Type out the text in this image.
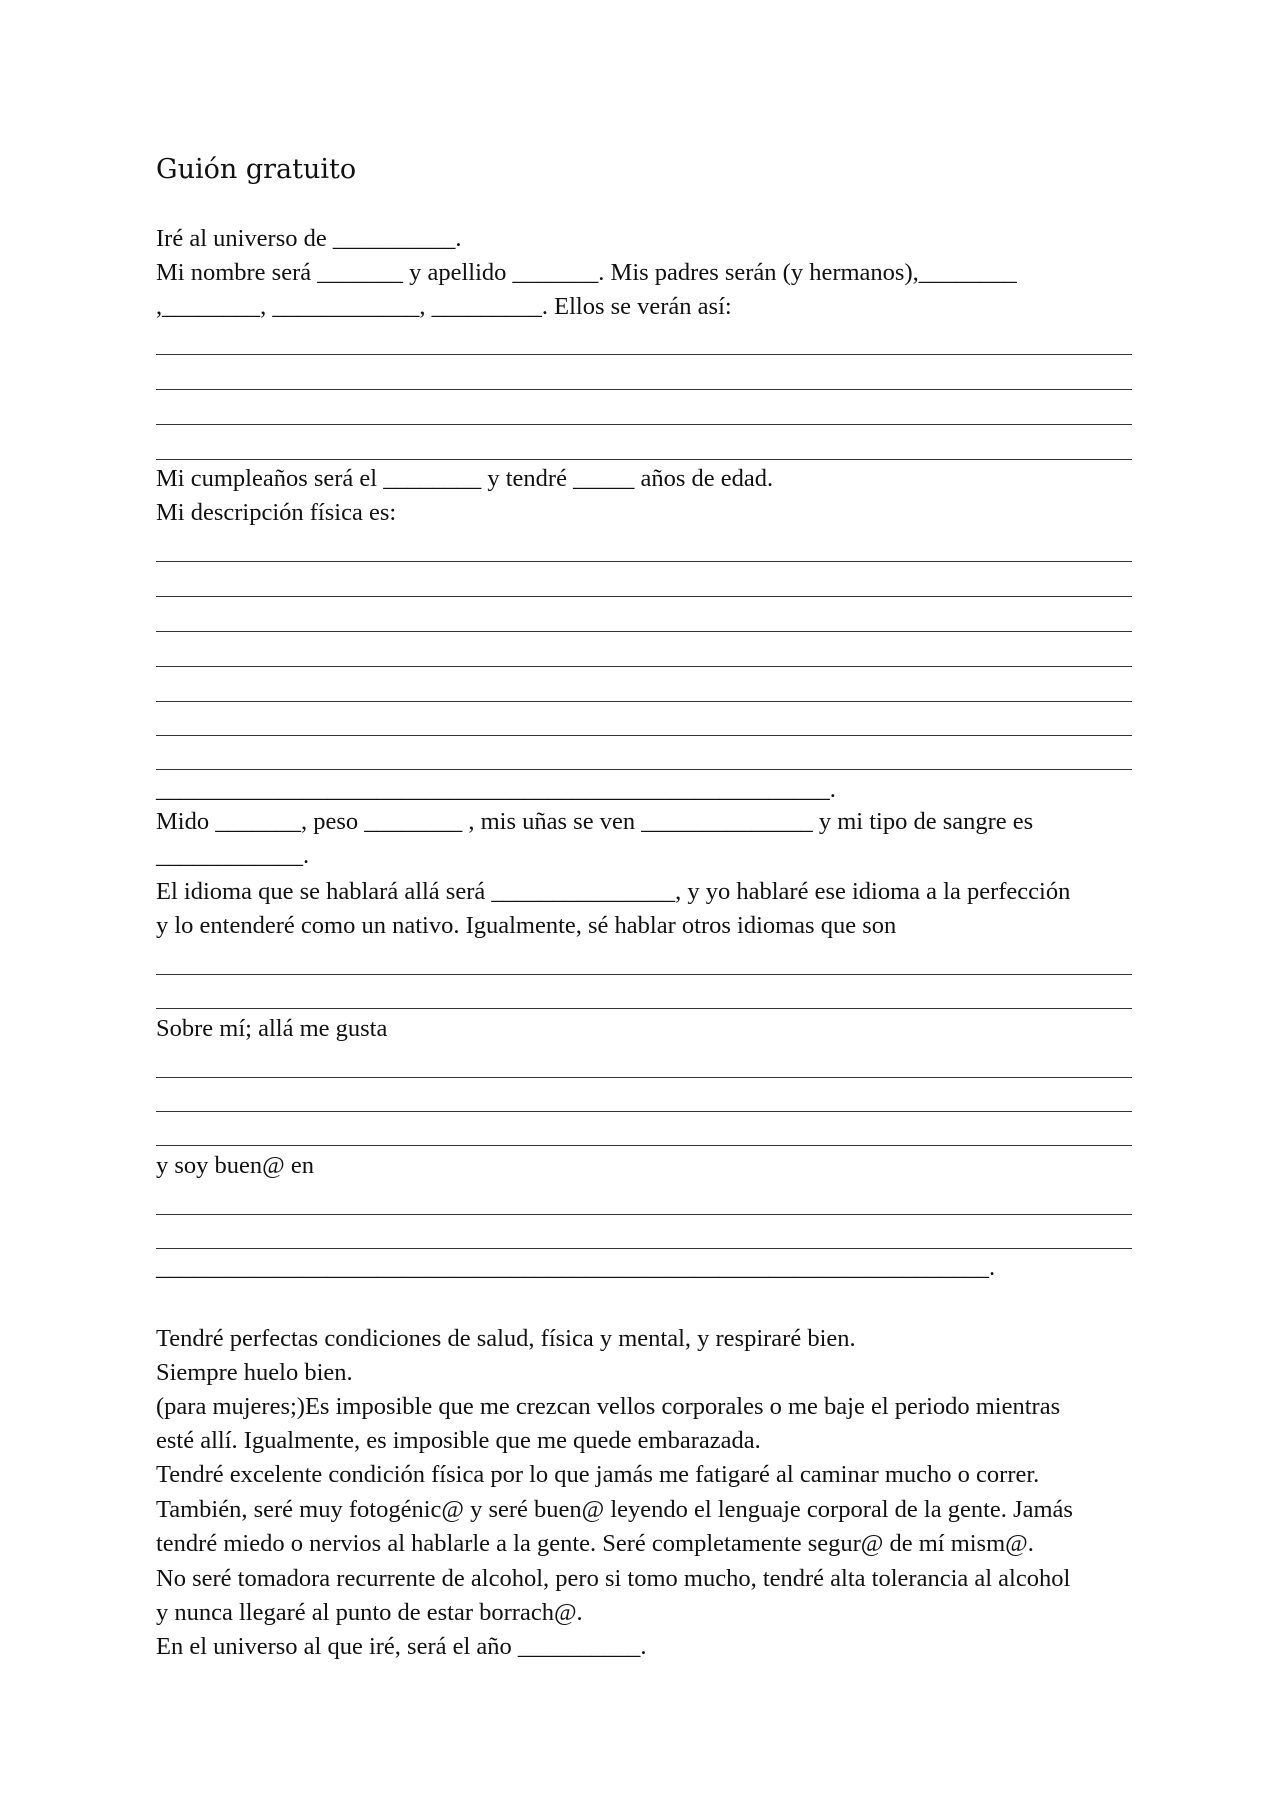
Guión gratuito
Iré al universo de __________.
Mi nombre será _______ y apellido _______. Mis padres serán (y hermanos),________
,________, ____________, _________. Ellos se verán así:
Mi cumpleaños será el ________ y tendré _____ años de edad.
Mi descripción física es:
_______________________________________________________.
Mido _______, peso ________ , mis uñas se ven ______________ y mi tipo de sangre es
____________.
El idioma que se hablará allá será _______________, y yo hablaré ese idioma a la perfección
y lo entenderé como un nativo. Igualmente, sé hablar otros idiomas que son
Sobre mí; allá me gusta
y soy buen@ en
____________________________________________________________________.
Tendré perfectas condiciones de salud, física y mental, y respiraré bien.
Siempre huelo bien.
(para mujeres;)Es imposible que me crezcan vellos corporales o me baje el periodo mientras
esté allí. Igualmente, es imposible que me quede embarazada.
Tendré excelente condición física por lo que jamás me fatigaré al caminar mucho o correr.
También, seré muy fotogénic@ y seré buen@ leyendo el lenguaje corporal de la gente. Jamás
tendré miedo o nervios al hablarle a la gente. Seré completamente segur@ de mí mism@.
No seré tomadora recurrente de alcohol, pero si tomo mucho, tendré alta tolerancia al alcohol
y nunca llegaré al punto de estar borrach@.
En el universo al que iré, será el año __________.
